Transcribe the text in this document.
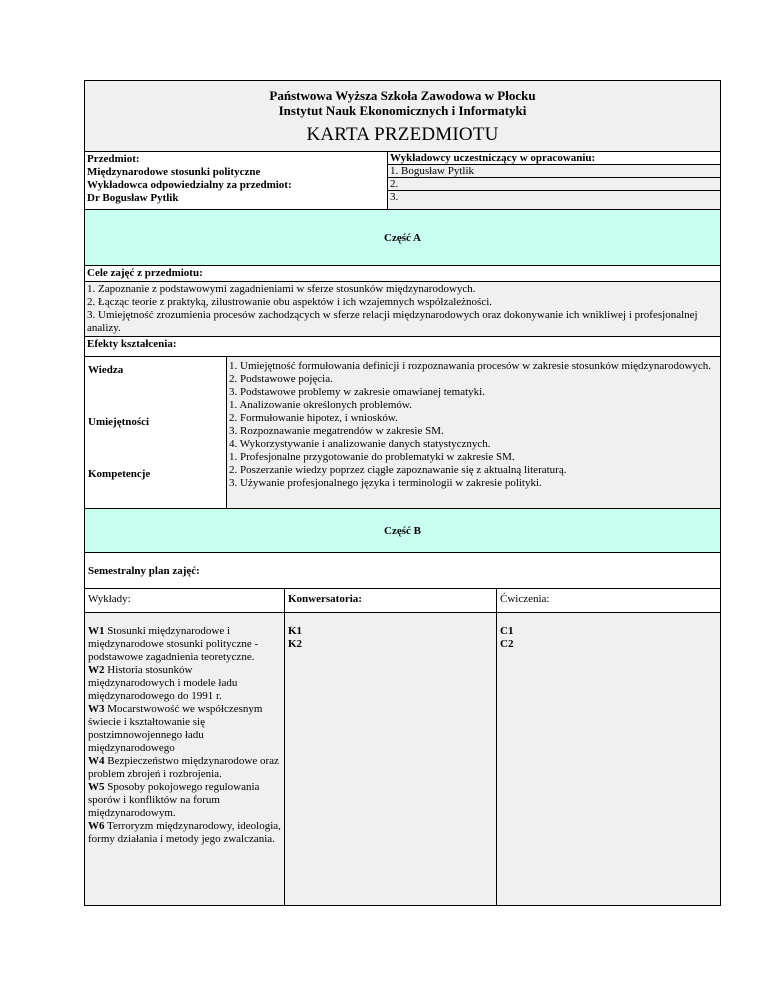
Państwowa Wyższa Szkoła Zawodowa w Płocku
Instytut Nauk Ekonomicznych i Informatyki
KARTA PRZEDMIOTU
Przedmiot:
Międzynarodowe stosunki polityczne
Wykładowca odpowiedzialny za przedmiot:
Dr Bogusław Pytlik
Wykładowcy uczestniczący w opracowaniu:
1. Bogusław Pytlik
2.
3.
Część A
Cele zajęć z przedmiotu:
1. Zapoznanie z podstawowymi zagadnieniami w sferze stosunków międzynarodowych.
2. Łącząc teorie z praktyką, zilustrowanie obu aspektów i ich wzajemnych współzależności.
3. Umiejętność zrozumienia procesów zachodzących w sferze relacji międzynarodowych oraz dokonywanie ich wnikliwej i profesjonalnej analizy.
Efekty kształcenia:
Wiedza
Umiejętności
Kompetencje
1. Umiejętność formułowania definicji i rozpoznawania procesów w zakresie stosunków międzynarodowych.
2. Podstawowe pojęcia.
3. Podstawowe problemy w zakresie omawianej tematyki.
1. Analizowanie określonych problemów.
2. Formułowanie hipotez, i wniosków.
3. Rozpoznawanie megatrendów w zakresie SM.
4. Wykorzystywanie i analizowanie danych statystycznych.
1. Profesjonalne przygotowanie do problematyki w zakresie SM.
2. Poszerzanie wiedzy poprzez ciągłe zapoznawanie się z aktualną literaturą.
3. Używanie profesjonalnego języka i terminologii w zakresie polityki.
Część B
Semestralny plan zajęć:
Wykłady:	Konwersatoria:	Ćwiczenia:

W1 Stosunki międzynarodowe i międzynarodowe stosunki polityczne - podstawowe zagadnienia teoretyczne.

W2 Historia stosunków międzynarodowych i modele ładu międzynarodowego do 1991 r.

W3 Mocarstwowość we współczesnym świecie i kształtowanie się postzimnowojennego ładu międzynarodowego

W4 Bezpieczeństwo międzynarodowe oraz problem zbrojeń i rozbrojenia.

W5 Sposoby pokojowego regulowania sporów i konfliktów na forum międzynarodowym.

W6 Terroryzm międzynarodowy, ideologia, formy działania i metody jego zwalczania.

K1
K2
C1
C2
